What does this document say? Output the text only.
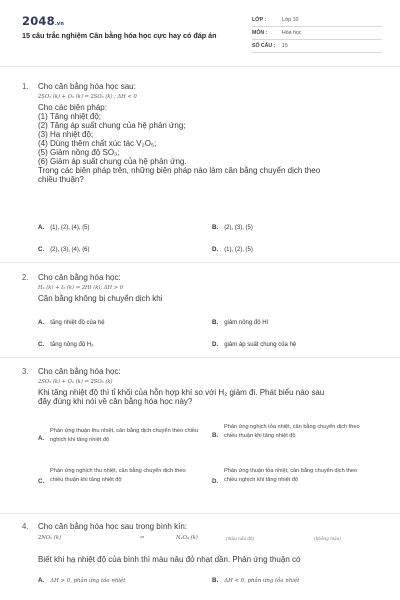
2048.vn
15 câu trắc nghiệm Cân bằng hóa học cực hay có đáp án
LỚP :	Lớp 10
MÔN :	Hóa học
SỐ CÂU : 15
1. Cho cân bằng hóa học sau:
2SO₂ (k) + O₂ (k) ⇌ 2SO₃ (k) ; ΔH < 0
Cho các biện pháp:
(1) Tăng nhiệt độ;
(2) Tăng áp suất chung của hệ phản ứng;
(3) Hạ nhiệt độ;
(4) Dùng thêm chất xúc tác V₂O₅;
(5) Giảm nồng độ SO₃;
(6) Giảm áp suất chung của hệ phản ứng.
Trong các biện pháp trên, những biện pháp nào làm cân bằng chuyển dịch theo
chiều thuận?
A. (1), (2), (4), (5)	B. (2), (3), (5)
C. (2), (3), (4), (6)	D. (1), (2), (5)
2. Cho cân bằng hóa học:
H₂ (k) + I₂ (k) ⇌ 2HI (k); ΔH > 0
Cân bằng không bị chuyển dịch khi
A. tăng nhiệt độ của hệ	B. giảm nồng độ HI
C. tăng nồng độ H₂	D. giảm áp suất chung của hệ
3. Cho cân bằng hóa học:
2SO₂ (k) + O₂ (k) ⇌ 2SO₃ (k)
Khi tăng nhiệt độ thì tỉ khối của hỗn hợp khí so với H₂ giảm đi. Phát biểu nào sau
đây đúng khi nói về cân bằng hóa học này?
A.
Phản ứng thuận thu nhiệt, cân bằng dịch chuyển theo chiều nghịch khi tăng nhiệt độ
B.
Phản ứng nghịch tỏa nhiệt, cân bằng chuyển dịch theo chiều thuận khi tăng nhiệt độ
C.
Phản ứng nghịch thu nhiệt, cân bằng chuyển dịch theo chiều thuận khi tăng nhiệt độ	D.
Phản ứng thuận tỏa nhiệt, cân bằng chuyển dịch theo chiều nghịch khi tăng nhiệt độ
4. Cho cân bằng hóa học sau trong bình kín:
2NO₂ (k)	⇌	N₂O₄ (k)	(màu nâu đỏ)	(không màu)
Biết khi hạ nhiệt độ của bình thì màu nâu đỏ nhạt dần. Phản ứng thuận có
A. ΔH > 0, phản ứng tỏa nhiệt	B. ΔH < 0, phản ứng tỏa nhiệt
